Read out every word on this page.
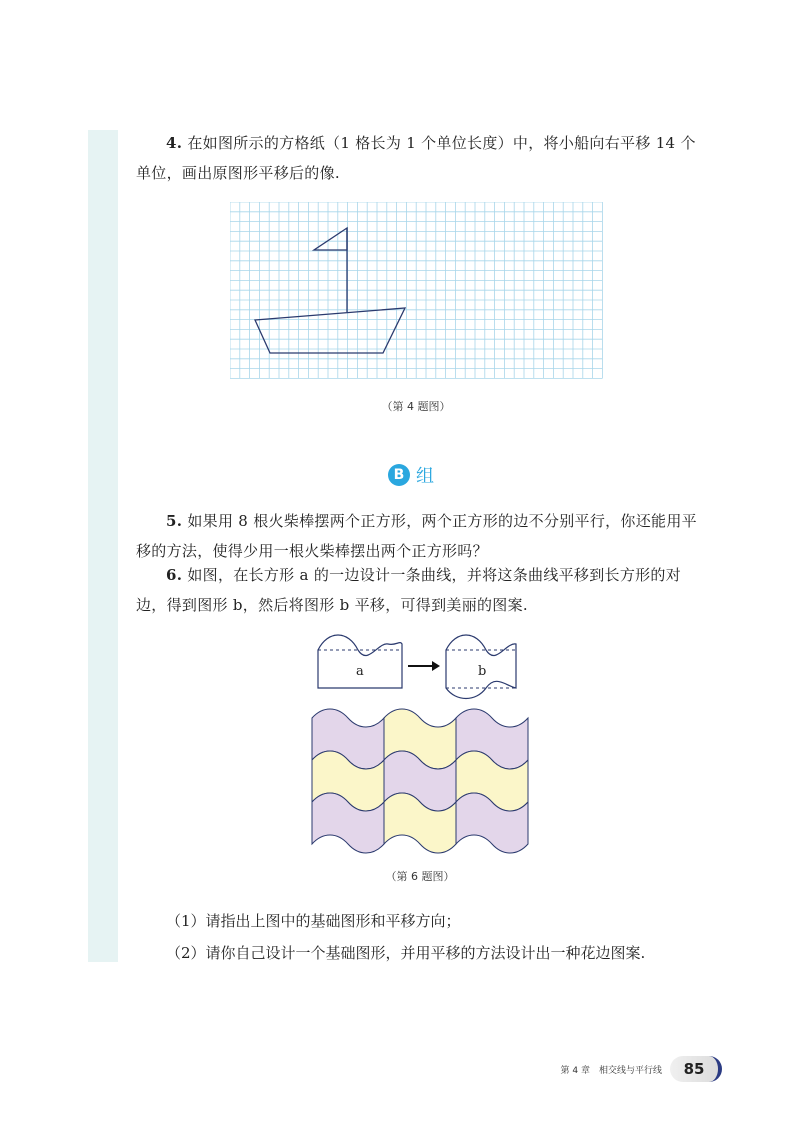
4. 在如图所示的方格纸（1 格长为 1 个单位长度）中，将小船向右平移 14 个单位，画出原图形平移后的像.

（第 4 题图）
B 组

5. 如果用 8 根火柴棒摆两个正方形，两个正方形的边不分别平行，你还能用平移的方法，使得少用一根火柴棒摆出两个正方形吗？

6. 如图，在长方形 a 的一边设计一条曲线，并将这条曲线平移到长方形的对边，得到图形 b，然后将图形 b 平移，可得到美丽的图案.

a	b
（第 6 题图）

（1）请指出上图中的基础图形和平移方向；

（2）请你自己设计一个基础图形，并用平移的方法设计出一种花边图案.

第 4 章　相交线与平行线	85
